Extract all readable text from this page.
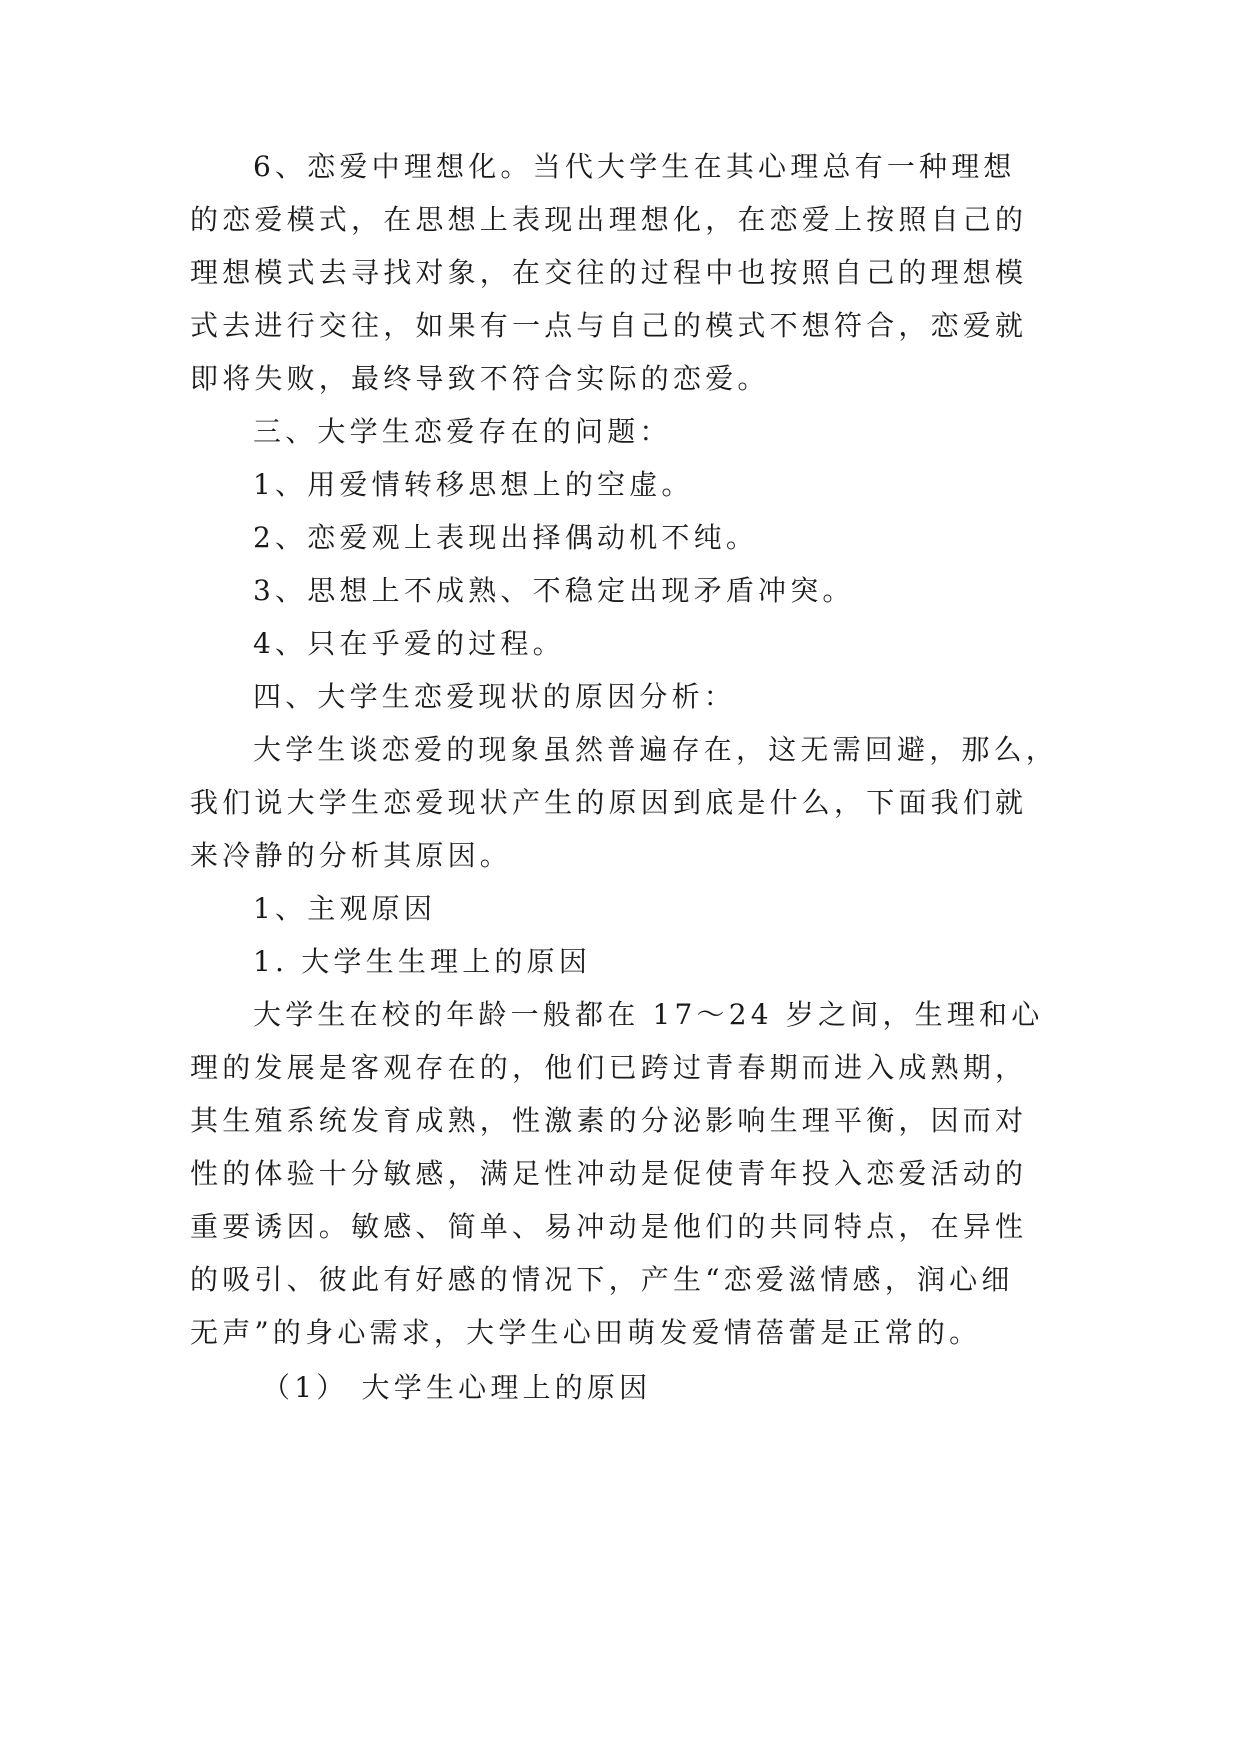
6、恋爱中理想化。当代大学生在其心理总有一种理想
的恋爱模式，在思想上表现出理想化，在恋爱上按照自己的
理想模式去寻找对象，在交往的过程中也按照自己的理想模
式去进行交往，如果有一点与自己的模式不想符合，恋爱就
即将失败，最终导致不符合实际的恋爱。
三、大学生恋爱存在的问题：
1、用爱情转移思想上的空虚。
2、恋爱观上表现出择偶动机不纯。
3、思想上不成熟、不稳定出现矛盾冲突。
4、只在乎爱的过程。
四、大学生恋爱现状的原因分析：
大学生谈恋爱的现象虽然普遍存在，这无需回避，那么，
我们说大学生恋爱现状产生的原因到底是什么，下面我们就
来冷静的分析其原因。
1、主观原因
1. 大学生生理上的原因
大学生在校的年龄一般都在 17～24 岁之间，生理和心
理的发展是客观存在的，他们已跨过青春期而进入成熟期，
其生殖系统发育成熟，性激素的分泌影响生理平衡，因而对
性的体验十分敏感，满足性冲动是促使青年投入恋爱活动的
重要诱因。敏感、简单、易冲动是他们的共同特点，在异性
的吸引、彼此有好感的情况下，产生“恋爱滋情感，润心细
无声”的身心需求，大学生心田萌发爱情蓓蕾是正常的。
（1） 大学生心理上的原因
